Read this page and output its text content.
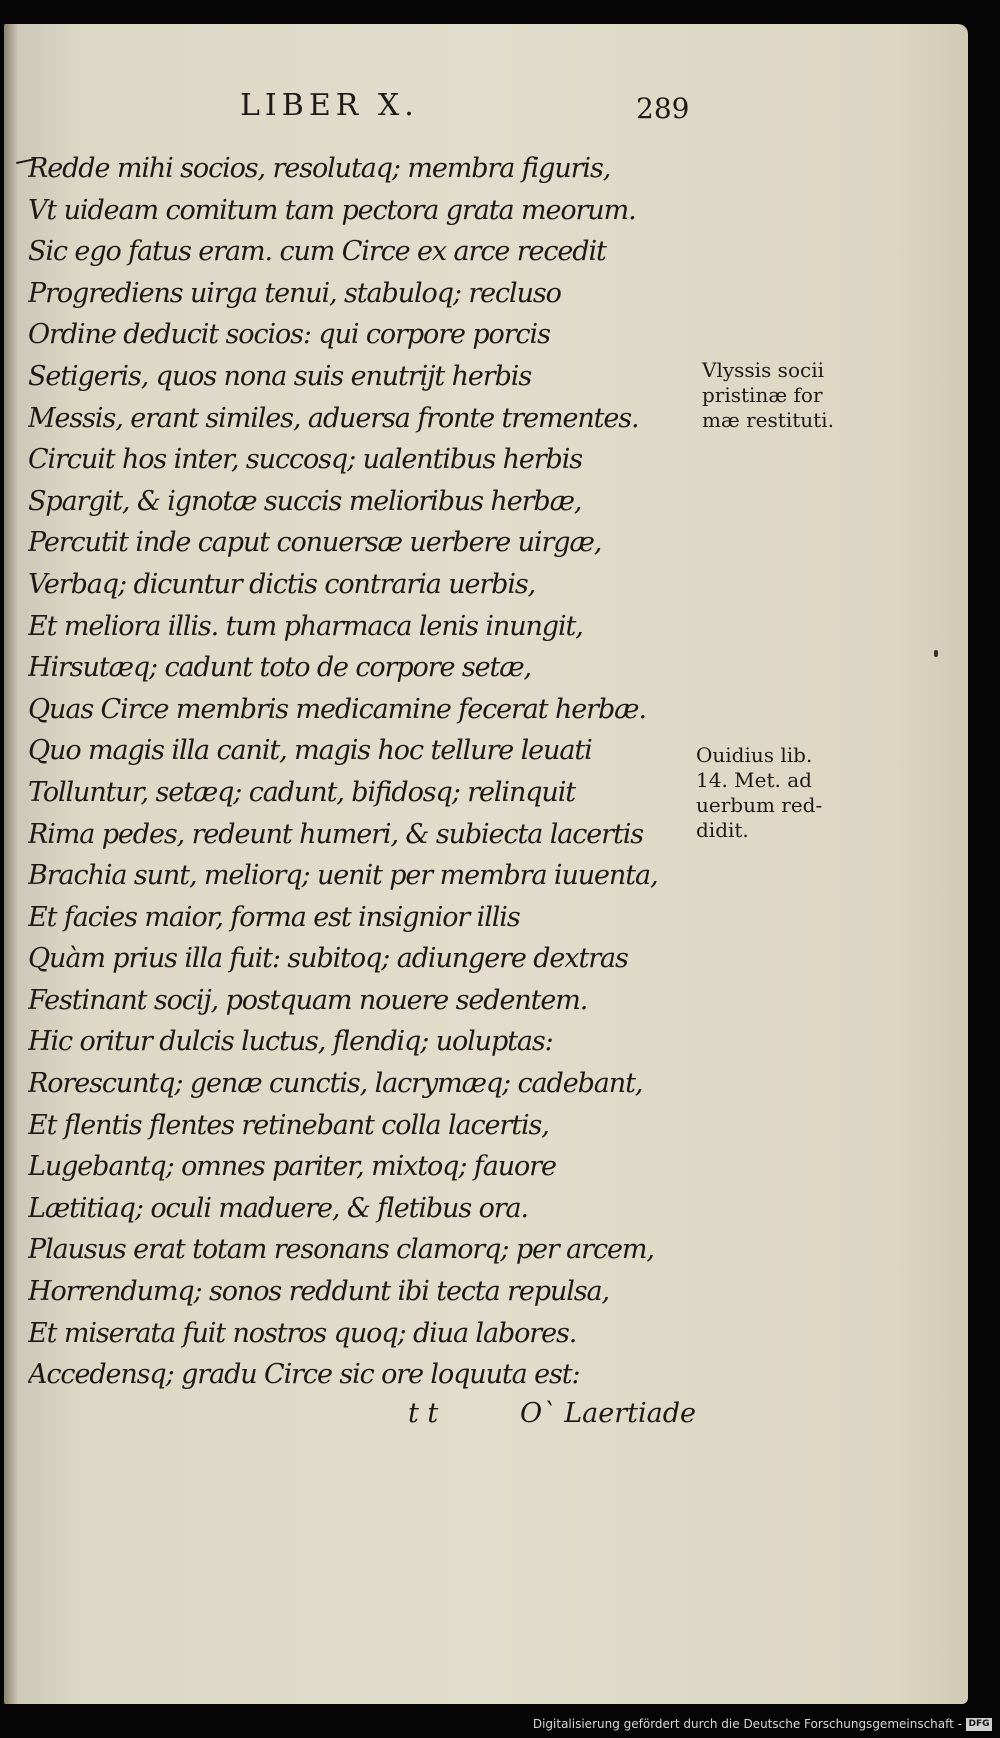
LIBER X.	289
Redde mihi socios, resolutaq; membra figuris,
Vt uideam comitum tam pectora grata meorum.
Sic ego fatus eram. cum Circe ex arce recedit
Progrediens uirga tenui, stabuloq; recluso
Ordine deducit socios: qui corpore porcis
Setigeris, quos nona suis enutrijt herbis
Messis, erant similes, aduersa fronte trementes.
Circuit hos inter, succosq; ualentibus herbis
Spargit, & ignotæ succis melioribus herbæ,
Percutit inde caput conuersæ uerbere uirgæ,
Verbaq; dicuntur dictis contraria uerbis,
Et meliora illis. tum pharmaca lenis inungit,
Hirsutæq; cadunt toto de corpore setæ,
Quas Circe membris medicamine fecerat herbæ.
Quo magis illa canit, magis hoc tellure leuati
Tolluntur, setæq; cadunt, bifidosq; relinquit
Rima pedes, redeunt humeri, & subiecta lacertis
Brachia sunt, meliorq; uenit per membra iuuenta,
Et facies maior, forma est insignior illis
Quàm prius illa fuit: subitoq; adiungere dextras
Festinant socij, postquam nouere sedentem.
Hic oritur dulcis luctus, flendiq; uoluptas:
Rorescuntq; genæ cunctis, lacrymæq; cadebant,
Et flentis flentes retinebant colla lacertis,
Lugebantq; omnes pariter, mixtoq; fauore
Lætitiaq; oculi maduere, & fletibus ora.
Plausus erat totam resonans clamorq; per arcem,
Horrendumq; sonos reddunt ibi tecta repulsa,
Et miserata fuit nostros quoq; diua labores.
Accedensq; gradu Circe sic ore loquuta est:
t t	O` Laertiade
Vlyssis socii
pristinæ for
mæ restituti.
Ouidius lib.
14. Met. ad
uerbum red-
didit.
Digitalisierung gefördert durch die Deutsche Forschungsgemeinschaft - DFG
